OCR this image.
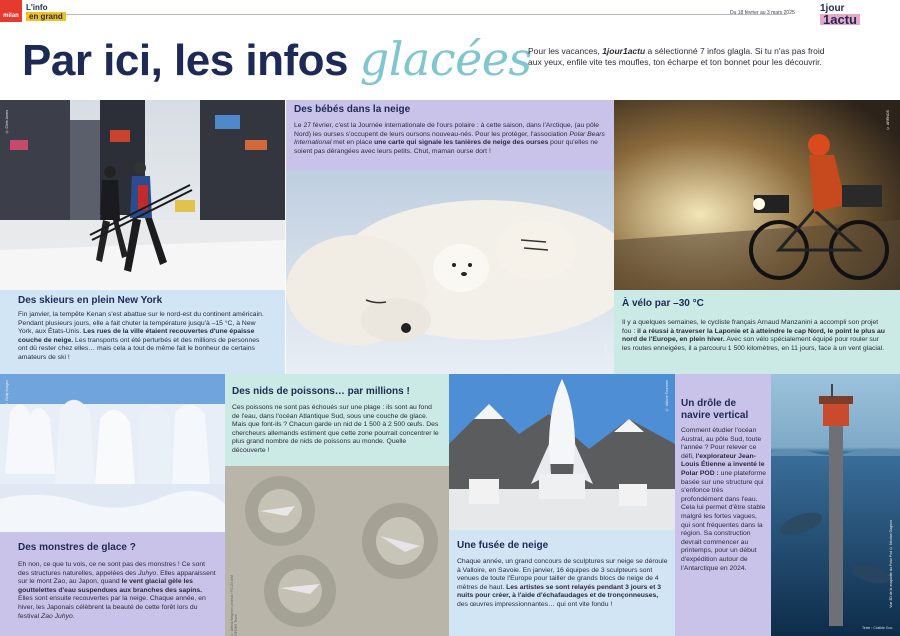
milan
L'info
en grand	Du 18 février au 3 mars 2025	1jour
1actu
Par ici, les infos glacées
Pour les vacances, 1jour1actu a sélectionné 7 infos glagla. Si tu n'as pas froid aux yeux, enfile vite tes moufles, ton écharpe et ton bonnet pour les découvrir.
© Chris Jones
Des skieurs en plein New York
Fin janvier, la tempête Kenan s'est abattue sur le nord-est du continent américain. Pendant plusieurs jours, elle a fait chuter la température jusqu'à –15 °C, à New York, aux États-Unis. Les rues de la ville étaient recouvertes d'une épaisse couche de neige. Les transports ont été perturbés et des millions de personnes ont dû rester chez elles… mais cela a tout de même fait le bonheur de certains amateurs de ski !
Des bébés dans la neige
Le 27 février, c'est la Journée internationale de l'ours polaire : à cette saison, dans l'Arctique, (au pôle Nord) les ourses s'occupent de leurs oursons nouveau-nés. Pour les protéger, l'association Polar Bears International met en place une carte qui signale les tanières de neige des ourses pour qu'elles ne soient pas dérangées avec leurs petits. Chut, maman ourse dort !
© Adobe Stock
© ARRNOS
À vélo par –30 °C
Il y a quelques semaines, le cycliste français Arnaud Manzanini a accompli son projet fou : il a réussi à traverser la Laponie et à atteindre le cap Nord, le point le plus au nord de l'Europe, en plein hiver. Avec son vélo spécialement équipé pour rouler sur les routes enneigées, il a parcouru 1 500 kilomètres, en 11 jours, face à un vent glacial.
© Getty Images
Des monstres de glace ?
Eh non, ce que tu vois, ce ne sont pas des monstres ! Ce sont des structures naturelles, appelées des Juhyo. Elles apparaissent sur le mont Zao, au Japon, quand le vent glacial gèle les gouttelettes d'eau suspendues aux branches des sapins. Elles sont ensuite recouvertes par la neige. Chaque année, en hiver, les Japonais célèbrent la beauté de cette forêt lors du festival Zao Juhyo.
Des nids de poissons… par millions !
Ces poissons ne sont pas échoués sur une plage : ils sont au fond de l'eau, dans l'océan Atlantique Sud, sous une couche de glace. Mais que font-ils ? Chacun garde un nid de 1 500 à 2 500 œufs. Des chercheurs allemands estiment que cette zone pourrait concentrer le plus grand nombre de nids de poissons au monde. Quelle découverte !
© Alfred-Wegener-Institut / PS124 AWI OFOBS Team
© Valloire Tourisme
Une fusée de neige
Chaque année, un grand concours de sculptures sur neige se déroule à Valloire, en Savoie. En janvier, 16 équipes de 3 sculpteurs sont venues de toute l'Europe pour tailler de grands blocs de neige de 4 mètres de haut. Les artistes se sont relayés pendant 3 jours et 3 nuits pour créer, à l'aide d'échafaudages et de tronçonneuses, des œuvres impressionnantes… qui ont vite fondu !
Un drôle de navire vertical
Comment étudier l'océan Austral, au pôle Sud, toute l'année ? Pour relever ce défi, l'explorateur Jean-Louis Étienne a inventé le Polar POD : une plateforme basée sur une structure qui s'enfonce très profondément dans l'eau. Cela lui permet d'être stable malgré les fortes vagues, qui sont fréquentes dans la région. Sa construction devrait commencer au printemps, pour un début d'expédition autour de l'Antarctique en 2024.	Vue 3D de la maquette du Polar Pod © Nicolas Gagnon
Texte : Clotilde Goc
